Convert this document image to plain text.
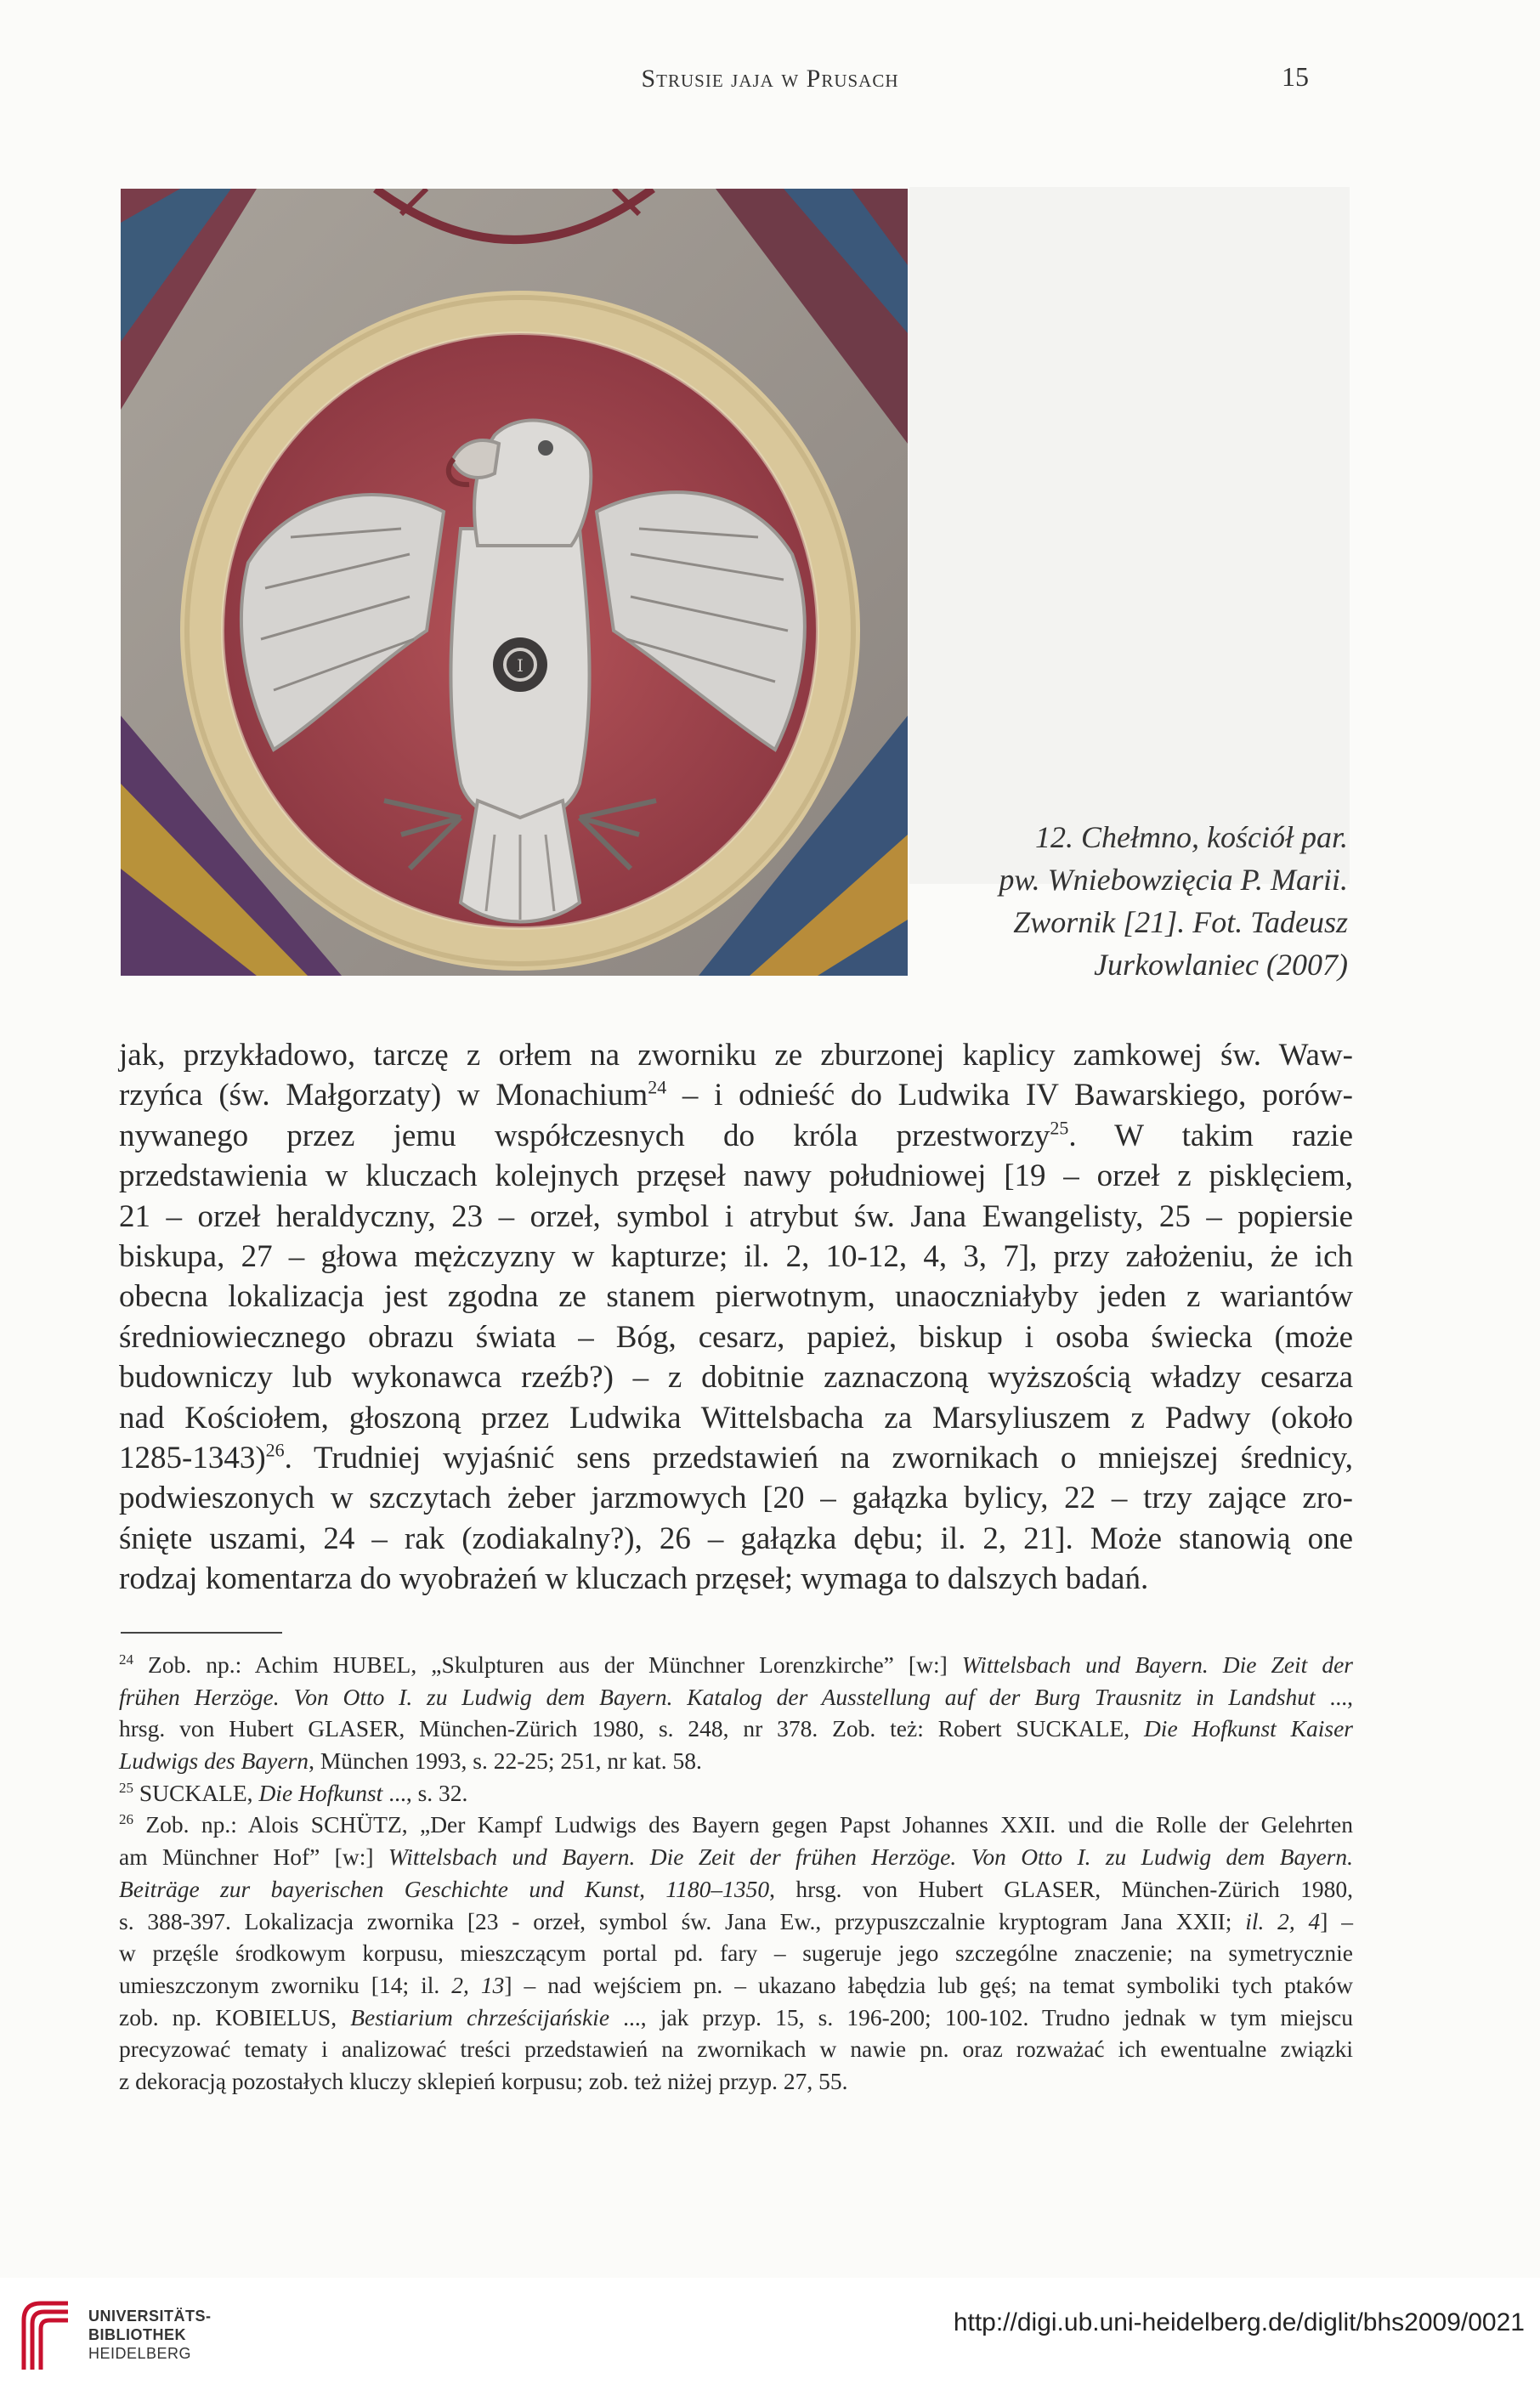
Strusie jaja w Prusach	15
I
12. Chełmno, kościół par.
pw. Wniebowzięcia P. Marii.
Zwornik [21]. Fot. Tadeusz
Jurkowlaniec (2007)
jak, przykładowo, tarczę z orłem na zworniku ze zburzonej kaplicy zamkowej św. Waw-
rzyńca (św. Małgorzaty) w Monachium$^{24}$ – i odnieść do Ludwika IV Bawarskiego, porów-
nywanego przez jemu współczesnych do króla przestworzy$^{25}$. W takim razie
przedstawienia w kluczach kolejnych przęseł nawy południowej [19 – orzeł z pisklęciem,
21 – orzeł heraldyczny, 23 – orzeł, symbol i atrybut św. Jana Ewangelisty, 25 – popiersie
biskupa, 27 – głowa mężczyzny w kapturze; il. 2, 10-12, 4, 3, 7], przy założeniu, że ich
obecna lokalizacja jest zgodna ze stanem pierwotnym, unaoczniałyby jeden z wariantów
średniowiecznego obrazu świata – Bóg, cesarz, papież, biskup i osoba świecka (może
budowniczy lub wykonawca rzeźb?) – z dobitnie zaznaczoną wyższością władzy cesarza
nad Kościołem, głoszoną przez Ludwika Wittelsbacha za Marsyliuszem z Padwy (około
1285-1343)$^{26}$. Trudniej wyjaśnić sens przedstawień na zwornikach o mniejszej średnicy,
podwieszonych w szczytach żeber jarzmowych [20 – gałązka bylicy, 22 – trzy zające zro-
śnięte uszami, 24 – rak (zodiakalny?), 26 – gałązka dębu; il. 2, 21]. Może stanowią one
rodzaj komentarza do wyobrażeń w kluczach przęseł; wymaga to dalszych badań.
$^{24}$ Zob. np.: Achim HUBEL, „Skulpturen aus der Münchner Lorenzkirche” [w:] Wittelsbach und Bayern. Die Zeit der
frühen Herzöge. Von Otto I. zu Ludwig dem Bayern. Katalog der Ausstellung auf der Burg Trausnitz in Landshut ...,
hrsg. von Hubert GLASER, München-Zürich 1980, s. 248, nr 378. Zob. też: Robert SUCKALE, Die Hofkunst Kaiser
Ludwigs des Bayern, München 1993, s. 22-25; 251, nr kat. 58.
$^{25}$ SUCKALE, Die Hofkunst ..., s. 32.
$^{26}$ Zob. np.: Alois SCHÜTZ, „Der Kampf Ludwigs des Bayern gegen Papst Johannes XXII. und die Rolle der Gelehrten
am Münchner Hof” [w:] Wittelsbach und Bayern. Die Zeit der frühen Herzöge. Von Otto I. zu Ludwig dem Bayern.
Beiträge zur bayerischen Geschichte und Kunst, 1180–1350, hrsg. von Hubert GLASER, München-Zürich 1980,
s. 388-397. Lokalizacja zwornika [23 - orzeł, symbol św. Jana Ew., przypuszczalnie kryptogram Jana XXII; il. 2, 4] –
w przęśle środkowym korpusu, mieszczącym portal pd. fary – sugeruje jego szczególne znaczenie; na symetrycznie
umieszczonym zworniku [14; il. 2, 13] – nad wejściem pn. – ukazano łabędzia lub gęś; na temat symboliki tych ptaków
zob. np. KOBIELUS, Bestiarium chrześcijańskie ..., jak przyp. 15, s. 196-200; 100-102. Trudno jednak w tym miejscu
precyzować tematy i analizować treści przedstawień na zwornikach w nawie pn. oraz rozważać ich ewentualne związki
z dekoracją pozostałych kluczy sklepień korpusu; zob. też niżej przyp. 27, 55.
UNIVERSITÄTS-
BIBLIOTHEK
HEIDELBERG
http://digi.ub.uni-heidelberg.de/diglit/bhs2009/0021
